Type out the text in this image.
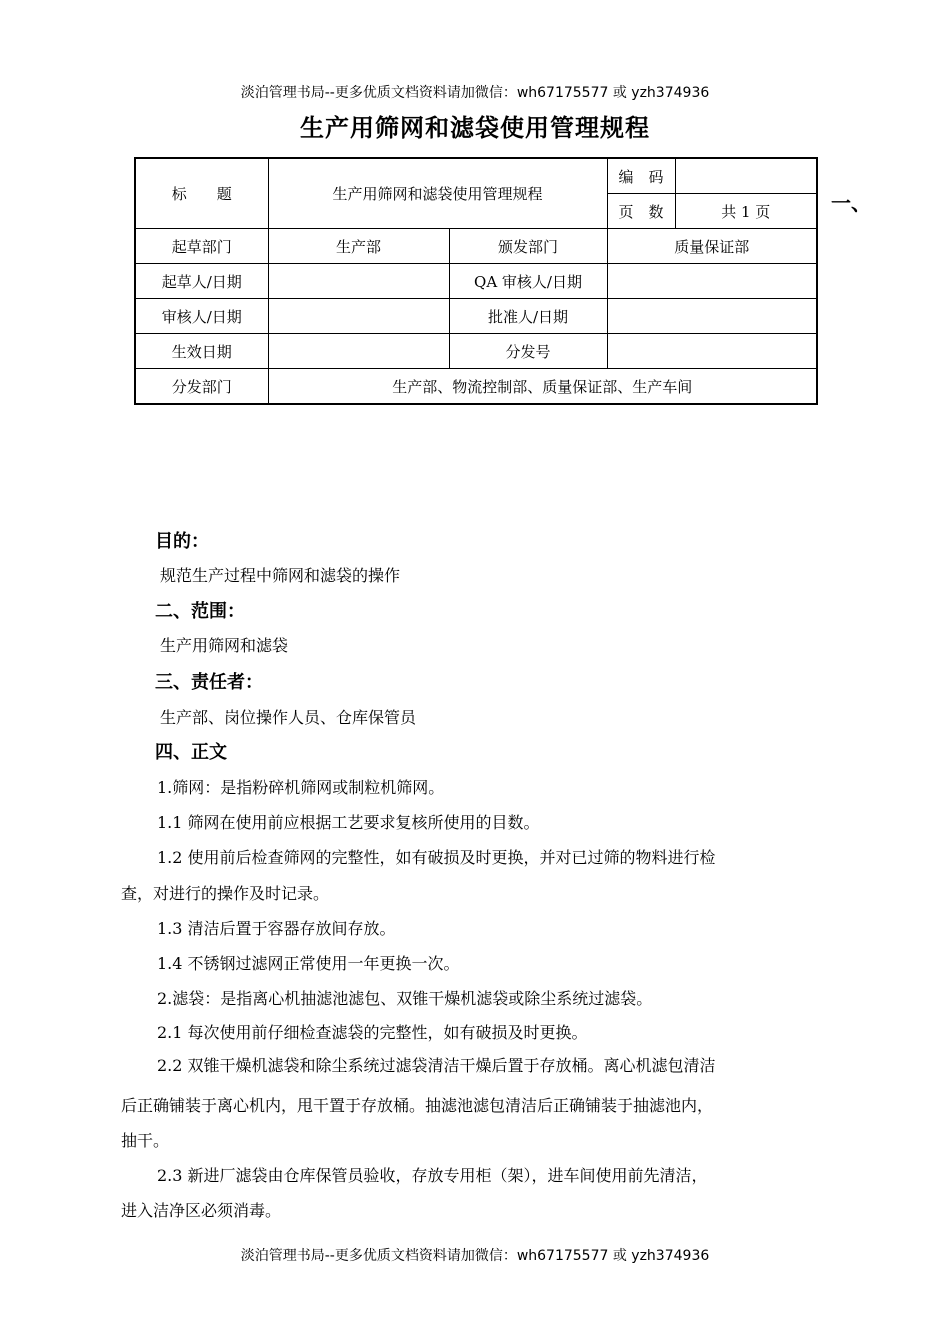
淡泊管理书局--更多优质文档资料请加微信：wh67175577 或 yzh374936
生产用筛网和滤袋使用管理规程
一、
标　　题	生产用筛网和滤袋使用管理规程		编　码	
			页　数	共 1 页
起草部门	生产部	颁发部门	质量保证部	
起草人/日期		QA 审核人/日期		
审核人/日期		批准人/日期		
生效日期		分发号		
分发部门	生产部、物流控制部、质量保证部、生产车间			
目的：
规范生产过程中筛网和滤袋的操作
二、范围：
生产用筛网和滤袋
三、责任者：
生产部、岗位操作人员、仓库保管员
四、正文
1.筛网：是指粉碎机筛网或制粒机筛网。
1.1 筛网在使用前应根据工艺要求复核所使用的目数。
1.2 使用前后检查筛网的完整性，如有破损及时更换，并对已过筛的物料进行检
查，对进行的操作及时记录。
1.3 清洁后置于容器存放间存放。
1.4 不锈钢过滤网正常使用一年更换一次。
2.滤袋：是指离心机抽滤池滤包、双锥干燥机滤袋或除尘系统过滤袋。
2.1 每次使用前仔细检查滤袋的完整性，如有破损及时更换。
2.2 双锥干燥机滤袋和除尘系统过滤袋清洁干燥后置于存放桶。离心机滤包清洁
后正确铺装于离心机内，甩干置于存放桶。抽滤池滤包清洁后正确铺装于抽滤池内，
抽干。
2.3 新进厂滤袋由仓库保管员验收，存放专用柜（架），进车间使用前先清洁，
进入洁净区必须消毒。
淡泊管理书局--更多优质文档资料请加微信：wh67175577 或 yzh374936
